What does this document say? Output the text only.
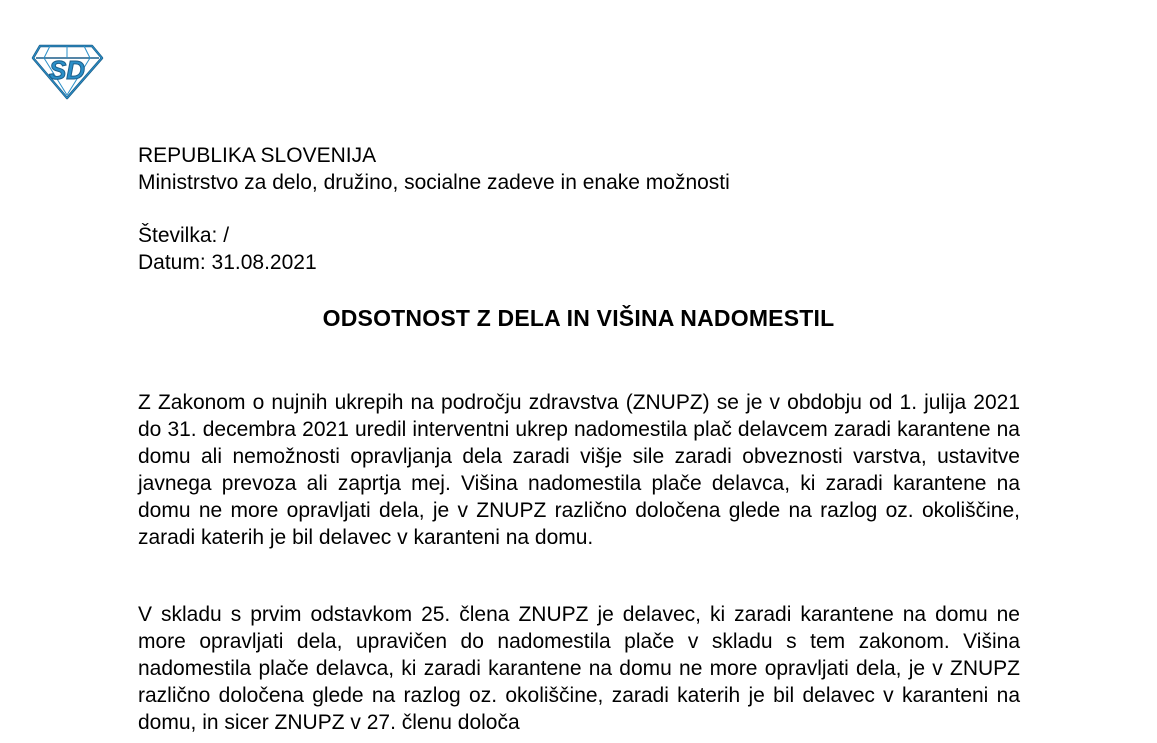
SD
REPUBLIKA SLOVENIJA
Ministrstvo za delo, družino, socialne zadeve in enake možnosti
Številka: /
Datum: 31.08.2021
ODSOTNOST Z DELA IN VIŠINA NADOMESTIL

Z Zakonom o nujnih ukrepih na področju zdravstva (ZNUPZ) se je v obdobju od 1. julija 2021 do 31. decembra 2021 uredil interventni ukrep nadomestila plač delavcem zaradi karantene na domu ali nemožnosti opravljanja dela zaradi višje sile zaradi obveznosti varstva, ustavitve javnega prevoza ali zaprtja mej. Višina nadomestila plače delavca, ki zaradi karantene na domu ne more opravljati dela, je v ZNUPZ različno določena glede na razlog oz. okoliščine, zaradi katerih je bil delavec v karanteni na domu.

V skladu s prvim odstavkom 25. člena ZNUPZ je delavec, ki zaradi karantene na domu ne more opravljati dela, upravičen do nadomestila plače v skladu s tem zakonom. Višina nadomestila plače delavca, ki zaradi karantene na domu ne more opravljati dela, je v ZNUPZ različno določena glede na razlog oz. okoliščine, zaradi katerih je bil delavec v karanteni na domu, in sicer ZNUPZ v 27. členu določa
